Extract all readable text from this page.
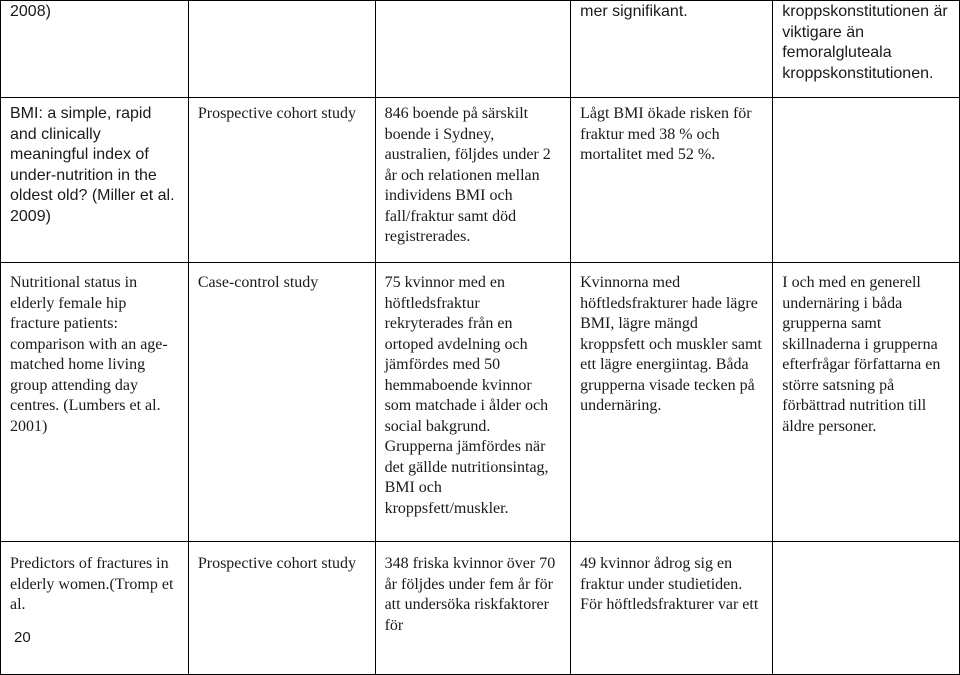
2008)			mer signifikant.	kroppskonstitutionen är viktigare än femoralgluteala kroppskonstitutionen.
BMI: a simple, rapid and clinically meaningful index of under-nutrition in the oldest old? (Miller et al. 2009)	Prospective cohort study	846 boende på särskilt boende i Sydney, australien, följdes under 2 år och relationen mellan individens BMI och fall/fraktur samt död registrerades.	Lågt BMI ökade risken för fraktur med 38 % och mortalitet med 52 %.	
Nutritional status in elderly female hip fracture patients: comparison with an age-matched home living group attending day centres. (Lumbers et al. 2001)	Case-control study	75 kvinnor med en höftledsfraktur rekryterades från en ortoped avdelning och jämfördes med 50 hemmaboende kvinnor som matchade i ålder och social bakgrund. Grupperna jämfördes när det gällde nutritionsintag, BMI och kroppsfett/muskler.	Kvinnorna med höftledsfrakturer hade lägre BMI, lägre mängd kroppsfett och muskler samt ett lägre energiintag. Båda grupperna visade tecken på undernäring.	I och med en generell undernäring i båda grupperna samt skillnaderna i grupperna efterfrågar författarna en större satsning på förbättrad nutrition till äldre personer.
Predictors of fractures in elderly women.(Tromp et al.	Prospective cohort study	348 friska kvinnor över 70 år följdes under fem år för att undersöka riskfaktorer för	49 kvinnor ådrog sig en fraktur under studietiden. För höftledsfrakturer var ett	
20
